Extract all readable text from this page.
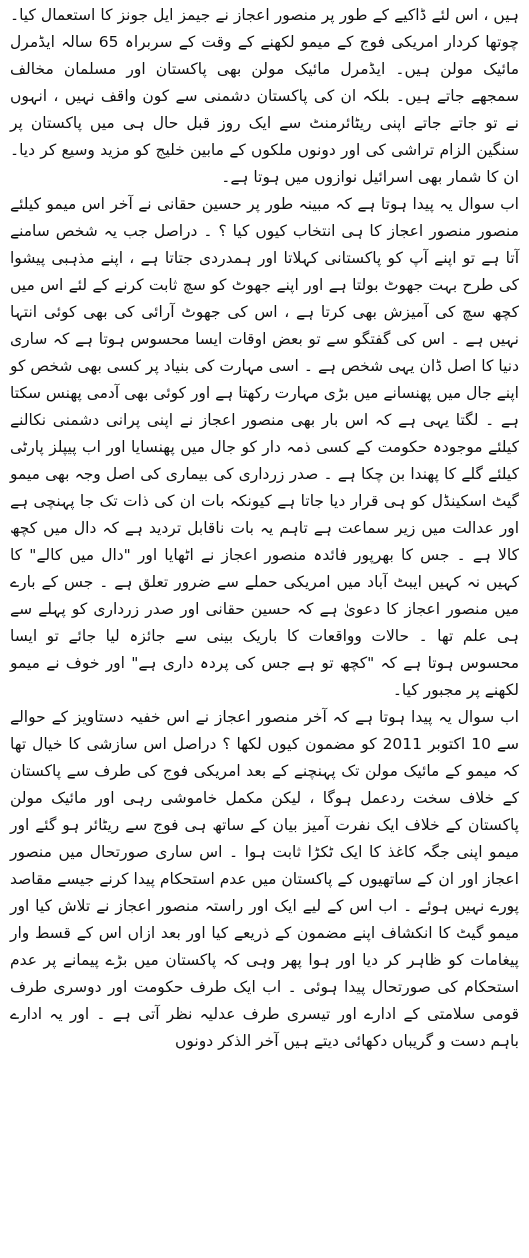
ہیں ، اس لئے ڈاکیے کے طور پر منصور اعجاز نے جیمز ایل جونز کا استعمال کیا۔ چوتھا کردار امریکی فوج کے میمو لکھنے کے وقت کے سربراہ 65 سالہ ایڈمرل مائیک مولن ہیں۔ ایڈمرل مائیک مولن بھی پاکستان اور مسلمان مخالف سمجھے جاتے ہیں۔ بلکہ ان کی پاکستان دشمنی سے کون واقف نہیں ، انہوں نے تو جاتے جاتے اپنی ریٹائرمنٹ سے ایک روز قبل حال ہی میں پاکستان پر سنگین الزام تراشی کی اور دونوں ملکوں کے مابین خلیج کو مزید وسیع کر دیا۔ ان کا شمار بھی اسرائیل نوازوں میں ہوتا ہے۔

اب سوال یہ پیدا ہوتا ہے کہ مبینہ طور پر حسین حقانی نے آخر اس میمو کیلئے منصور منصور اعجاز کا ہی انتخاب کیوں کیا ؟ ۔ دراصل جب یہ شخص سامنے آتا ہے تو اپنے آپ کو پاکستانی کہلاتا اور ہمدردی جتاتا ہے ، اپنے مذہبی پیشوا کی طرح بہت جھوٹ بولتا ہے اور اپنے جھوٹ کو سچ ثابت کرنے کے لئے اس میں کچھ سچ کی آمیزش بھی کرتا ہے ، اس کی جھوٹ آرائی کی بھی کوئی انتہا نہیں ہے ۔ اس کی گفتگو سے تو بعض اوقات ایسا محسوس ہوتا ہے کہ ساری دنیا کا اصل ڈان یہی شخص ہے ۔ اسی مہارت کی بنیاد پر کسی بھی شخص کو اپنے جال میں پھنسانے میں بڑی مہارت رکھتا ہے اور کوئی بھی آدمی پھنس سکتا ہے ۔ لگتا یہی ہے کہ اس بار بھی منصور اعجاز نے اپنی پرانی دشمنی نکالنے کیلئے موجودہ حکومت کے کسی ذمہ دار کو جال میں پھنسایا اور اب پیپلز پارٹی کیلئے گلے کا پھندا بن چکا ہے ۔ صدر زرداری کی بیماری کی اصل وجہ بھی میمو گیٹ اسکینڈل کو ہی قرار دیا جاتا ہے کیونکہ بات ان کی ذات تک جا پہنچی ہے اور عدالت میں زیر سماعت ہے تاہم یہ بات ناقابل تردید ہے کہ دال میں کچھ کالا ہے ۔ جس کا بھرپور فائدہ منصور اعجاز نے اٹھایا اور "دال میں کالے" کا کہیں نہ کہیں ایبٹ آباد میں امریکی حملے سے ضرور تعلق ہے ۔ جس کے بارے میں منصور اعجاز کا دعویٰ ہے کہ حسین حقانی اور صدر زرداری کو پہلے سے ہی علم تھا ۔ حالات وواقعات کا باریک بینی سے جائزہ لیا جائے تو ایسا محسوس ہوتا ہے کہ "کچھ تو ہے جس کی پردہ داری ہے" اور خوف نے میمو لکھنے پر مجبور کیا۔

اب سوال یہ پیدا ہوتا ہے کہ آخر منصور اعجاز نے اس خفیہ دستاویز کے حوالے سے 10 اکتوبر 2011 کو مضمون کیوں لکھا ؟ دراصل اس سازشی کا خیال تھا کہ میمو کے مائیک مولن تک پہنچنے کے بعد امریکی فوج کی طرف سے پاکستان کے خلاف سخت ردعمل ہوگا ، لیکن مکمل خاموشی رہی اور مائیک مولن پاکستان کے خلاف ایک نفرت آمیز بیان کے ساتھ ہی فوج سے ریٹائر ہو گئے اور میمو اپنی جگہ کاغذ کا ایک ٹکڑا ثابت ہوا ۔ اس ساری صورتحال میں منصور اعجاز اور ان کے ساتھیوں کے پاکستان میں عدم استحکام پیدا کرنے جیسے مقاصد پورے نہیں ہوئے ۔ اب اس کے لیے ایک اور راستہ منصور اعجاز نے تلاش کیا اور میمو گیٹ کا انکشاف اپنے مضمون کے ذریعے کیا اور بعد ازاں اس کے قسط وار پیغامات کو ظاہر کر دیا اور ہوا پھر وہی کہ پاکستان میں بڑے پیمانے پر عدم استحکام کی صورتحال پیدا ہوئی ۔ اب ایک طرف حکومت اور دوسری طرف قومی سلامتی کے ادارے اور تیسری طرف عدلیہ نظر آتی ہے ۔ اور یہ ادارے باہم دست و گریباں دکھائی دیتے ہیں آخر الذکر دونوں
